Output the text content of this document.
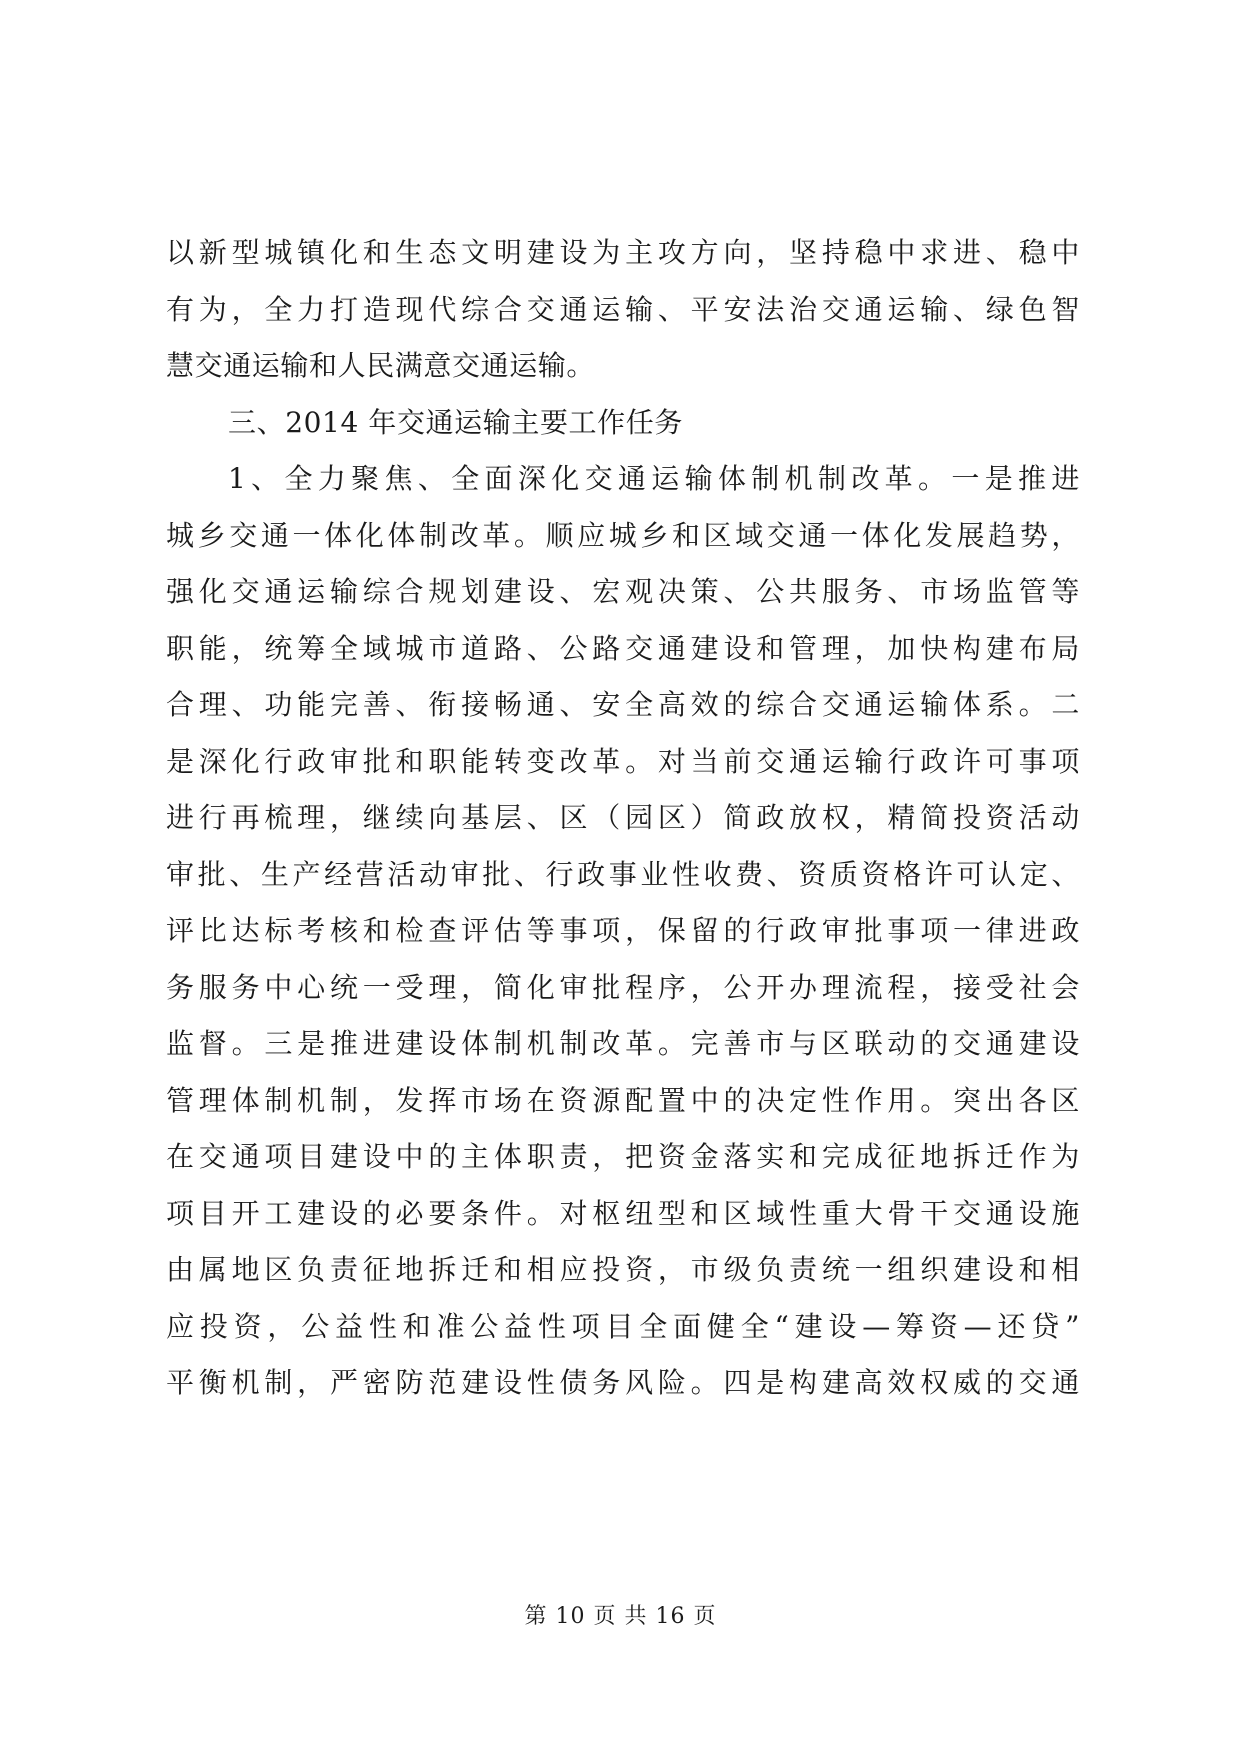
以新型城镇化和生态文明建设为主攻方向，坚持稳中求进、稳中
有为，全力打造现代综合交通运输、平安法治交通运输、绿色智
慧交通运输和人民满意交通运输。
三、2014 年交通运输主要工作任务
1、全力聚焦、全面深化交通运输体制机制改革。一是推进
城乡交通一体化体制改革。顺应城乡和区域交通一体化发展趋势，
强化交通运输综合规划建设、宏观决策、公共服务、市场监管等
职能，统筹全域城市道路、公路交通建设和管理，加快构建布局
合理、功能完善、衔接畅通、安全高效的综合交通运输体系。二
是深化行政审批和职能转变改革。对当前交通运输行政许可事项
进行再梳理，继续向基层、区（园区）简政放权，精简投资活动
审批、生产经营活动审批、行政事业性收费、资质资格许可认定、
评比达标考核和检查评估等事项，保留的行政审批事项一律进政
务服务中心统一受理，简化审批程序，公开办理流程，接受社会
监督。三是推进建设体制机制改革。完善市与区联动的交通建设
管理体制机制，发挥市场在资源配置中的决定性作用。突出各区
在交通项目建设中的主体职责，把资金落实和完成征地拆迁作为
项目开工建设的必要条件。对枢纽型和区域性重大骨干交通设施
由属地区负责征地拆迁和相应投资，市级负责统一组织建设和相
应投资，公益性和准公益性项目全面健全“建设—筹资—还贷”
平衡机制，严密防范建设性债务风险。四是构建高效权威的交通
第 10 页 共 16 页
